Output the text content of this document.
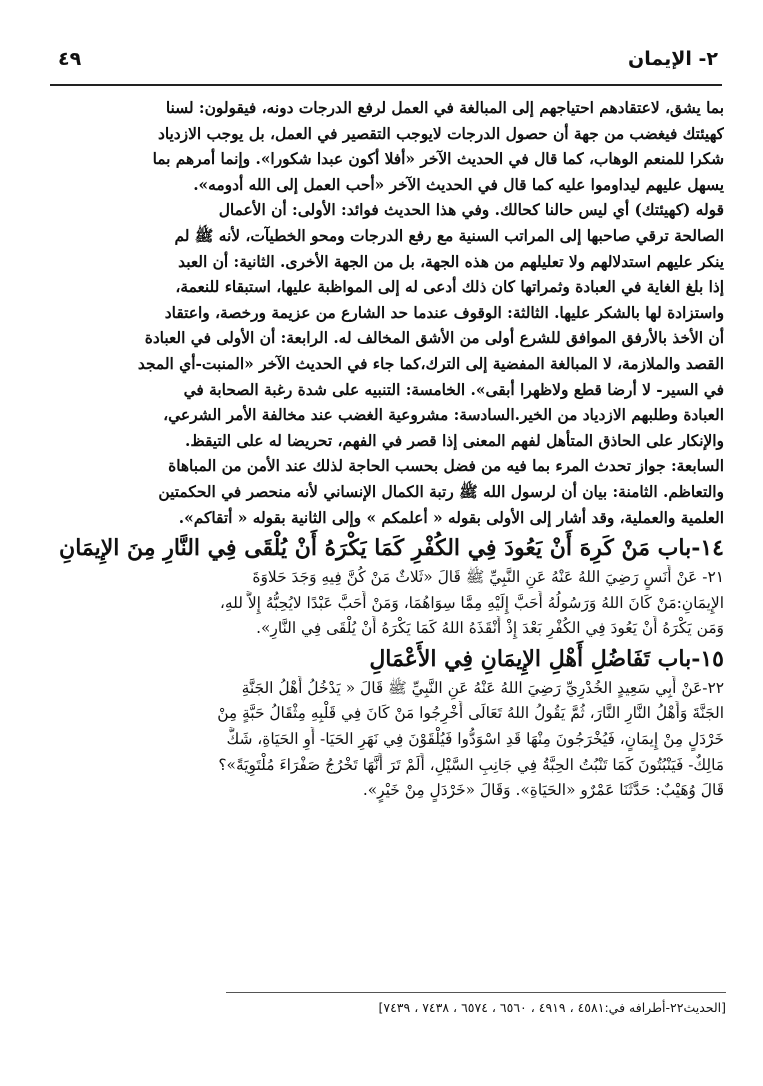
٢- الإيمان
٤٩
بما يشق، لاعتقادهم احتياجهم إلى المبالغة في العمل لرفع الدرجات دونه، فيقولون: لسنا
كهيئتك فيغضب من جهة أن حصول الدرجات لايوجب التقصير في العمل، بل يوجب الازدياد
شكرا للمنعم الوهاب، كما قال في الحديث الآخر «أفلا أكون عبدا شكورا». وإنما أمرهم بما
يسهل عليهم ليداوموا عليه كما قال في الحديث الآخر «أحب العمل إلى الله أدومه».
قوله (كهيئتك) أي ليس حالنا كحالك. وفي هذا الحديث فوائد: الأولى: أن الأعمال
الصالحة ترقي صاحبها إلى المراتب السنية مع رفع الدرجات ومحو الخطيآت، لأنه ﷺ لم
ينكر عليهم استدلالهم ولا تعليلهم من هذه الجهة، بل من الجهة الأخرى. الثانية: أن العبد
إذا بلغ الغاية في العبادة وثمراتها كان ذلك أدعى له إلى المواظبة عليها، استبقاء للنعمة،
واستزادة لها بالشكر عليها. الثالثة: الوقوف عندما حد الشارع من عزيمة ورخصة، واعتقاد
أن الأخذ بالأرفق الموافق للشرع أولى من الأشق المخالف له. الرابعة: أن الأولى في العبادة
القصد والملازمة، لا المبالغة المفضية إلى الترك،كما جاء في الحديث الآخر «المنبت-أي المجد
في السير- لا أرضا قطع ولاظهرا أبقى». الخامسة: التنبيه على شدة رغبة الصحابة في
العبادة وطلبهم الازدياد من الخير.السادسة: مشروعية الغضب عند مخالفة الأمر الشرعي،
والإنكار على الحاذق المتأهل لفهم المعنى إذا قصر في الفهم، تحريضا له على التيقظ.
السابعة: جواز تحدث المرء بما فيه من فضل بحسب الحاجة لذلك عند الأمن من المباهاة
والتعاظم. الثامنة: بيان أن لرسول الله ﷺ رتبة الكمال الإنساني لأنه منحصر في الحكمتين
العلمية والعملية، وقد أشار إلى الأولى بقوله « أعلمكم » وإلى الثانية بقوله « أتقاكم».
١٤-باب مَنْ كَرِهَ أَنْ يَعُودَ فِي الكُفْرِ كَمَا يَكْرَهُ أَنْ يُلْقَى فِي النَّارِ مِنَ الإِيمَانِ
٢١- عَنْ أَنَسٍ رَضِيَ اللهُ عَنْهُ عَنِ النَّبِيِّ ﷺ قَالَ «ثَلاثٌ مَنْ كُنَّ فِيهِ وَجَدَ حَلاوَةَ
الإِيمَانِ:مَنْ كَانَ اللهُ وَرَسُولُهُ أَحَبَّ إِلَيْهِ مِمَّا سِوَاهُمَا، وَمَنْ أَحَبَّ عَبْدًا لايُحِبُّهُ إِلاَّ للهِ،
وَمَن يَكْرَهُ أَنْ يَعُودَ فِي الكُفْرِ بَعْدَ إِذْ أَنْقَذَهُ اللهُ كَمَا يَكْرَهُ أَنْ يُلْقَى فِي النَّارِ».
١٥-باب تَفَاضُلِ أَهْلِ الإِيمَانِ فِي الأَعْمَالِ
٢٢-عَنْ أَبِي سَعِيدٍ الخُدْرِيِّ رَضِيَ اللهُ عَنْهُ عَنِ النَّبِيِّ ﷺ قَالَ « يَدْخُلُ أَهْلُ الجَنَّةِ
الجَنَّةَ وَأَهْلُ النَّارِ النَّارَ، ثُمَّ يَقُولُ اللهُ تَعَالَى أَخْرِجُوا مَنْ كَانَ فِي قَلْبِهِ مِثْقَالُ حَبَّةٍ مِنْ
خَرْدَلٍ مِنْ إِيمَانٍ، فَيُخْرَجُونَ مِنْهَا قَدِ اسْوَدُّوا فَيُلْقَوْنَ فِي نَهَرِ الحَيَا- أَوِ الحَيَاةِ، شَكَّ
مَالِكٌ- فَيَنْبُتُونَ كَمَا تَنْبُتُ الحِبَّةُ فِي جَانِبِ السَّيْلِ، أَلَمْ تَرَ أَنَّهَا تَخْرُجُ صَفْرَاءَ مُلْتَوِيَةً»؟
قَالَ وُهَيْبٌ: حَدَّثَنَا عَمْرٌو «الحَيَاةِ». وَقَالَ «خَرْدَلٍ مِنْ خَيْرٍ».
[الحديث٢٢-أطرافه في:٤٥٨١ ، ٤٩١٩ ، ٦٥٦٠ ، ٦٥٧٤ ، ٧٤٣٨ ، ٧٤٣٩]
